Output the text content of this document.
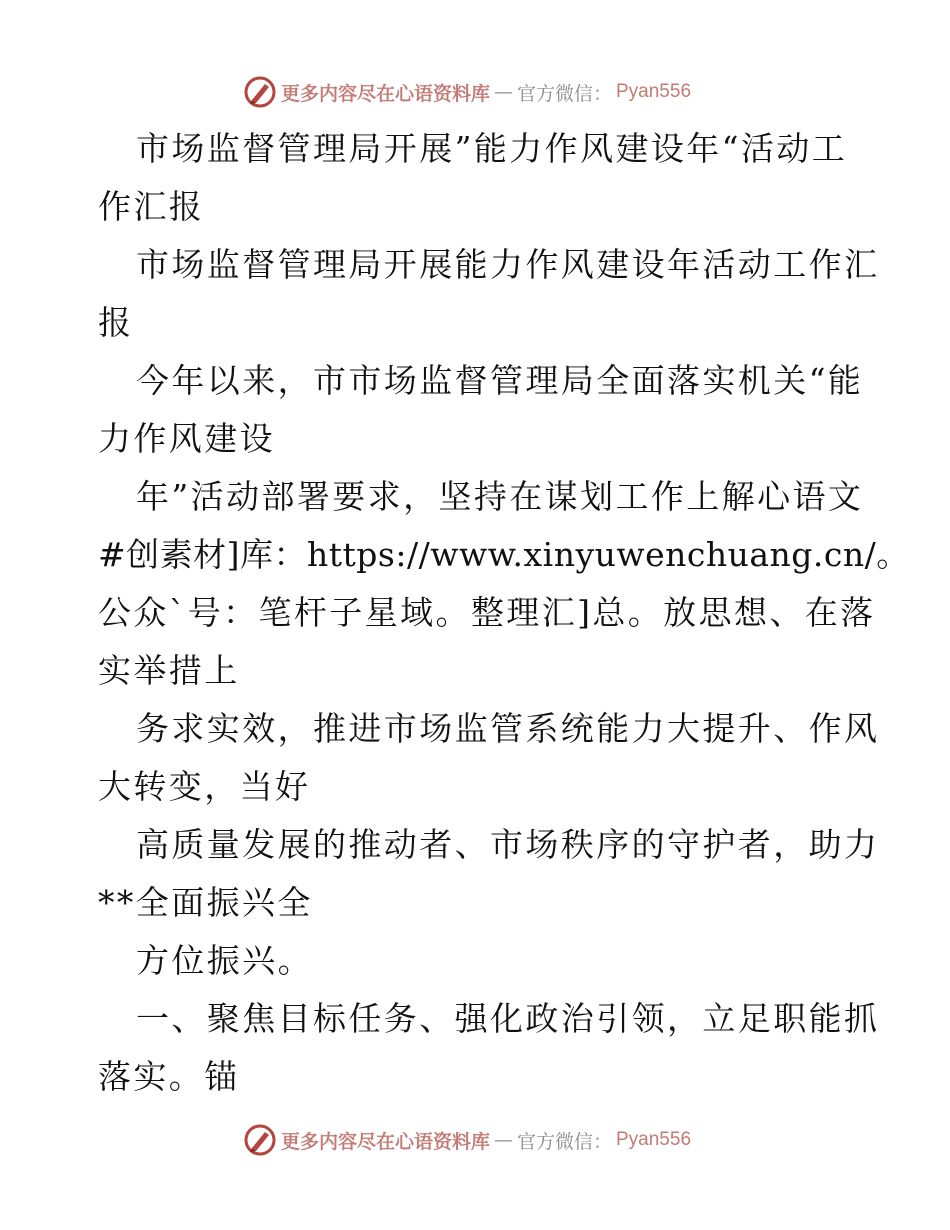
更多内容尽在心语资料库 — 官方微信： Pyan556
市场监督管理局开展”能力作风建设年“活动工
作汇报
市场监督管理局开展能力作风建设年活动工作汇
报
今年以来，市市场监督管理局全面落实机关“能
力作风建设
年”活动部署要求，坚持在谋划工作上解心语文
#创素材]库：https://www.xinyuwenchuang.cn/。
公众`号：笔杆子星域。整理汇]总。放思想、在落
实举措上
务求实效，推进市场监管系统能力大提升、作风
大转变，当好
高质量发展的推动者、市场秩序的守护者，助力
**全面振兴全
方位振兴。
一、聚焦目标任务、强化政治引领，立足职能抓
落实。锚
更多内容尽在心语资料库 — 官方微信： Pyan556
